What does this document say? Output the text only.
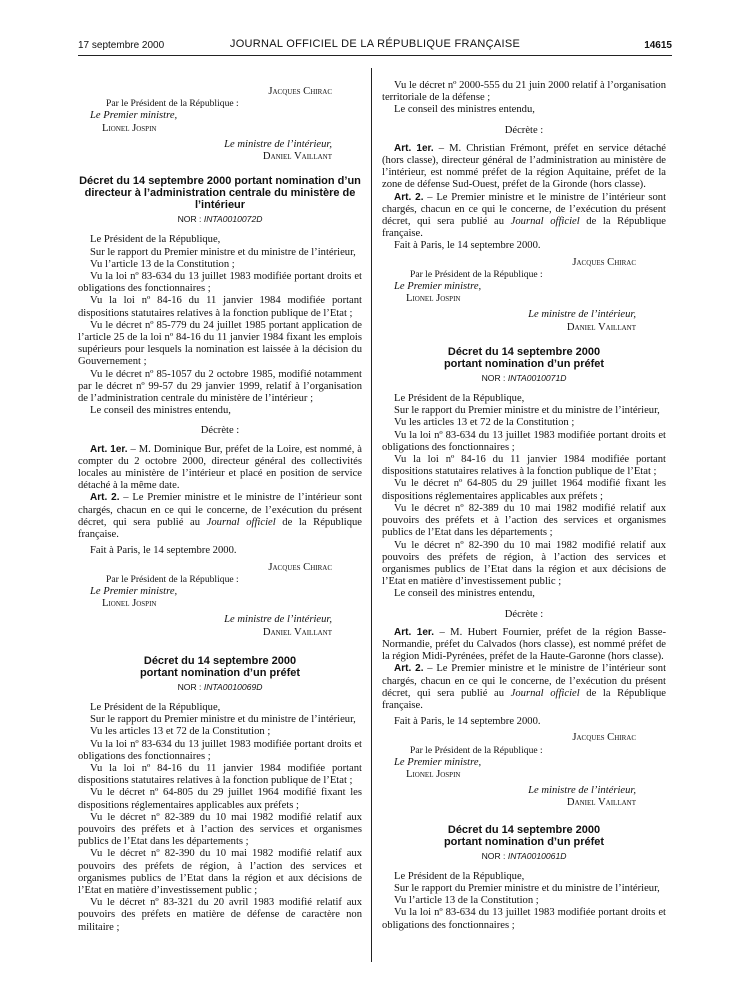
17 septembre 2000	JOURNAL OFFICIEL DE LA RÉPUBLIQUE FRANÇAISE	14615

Jacques Chirac

Par le Président de la République :

Le Premier ministre,

Lionel Jospin

Le ministre de l’intérieur,

Daniel Vaillant

Décret du 14 septembre 2000 portant nomination d’un directeur à l’administration centrale du ministère de l’intérieur
NOR : INTA0010072D

Le Président de la République,

Sur le rapport du Premier ministre et du ministre de l’intérieur,

Vu l’article 13 de la Constitution ;

Vu la loi nº 83-634 du 13 juillet 1983 modifiée portant droits et obligations des fonctionnaires ;

Vu la loi nº 84-16 du 11 janvier 1984 modifiée portant dispositions statutaires relatives à la fonction publique de l’Etat ;

Vu le décret nº 85-779 du 24 juillet 1985 portant application de l’article 25 de la loi nº 84-16 du 11 janvier 1984 fixant les emplois supérieurs pour lesquels la nomination est laissée à la décision du Gouvernement ;

Vu le décret nº 85-1057 du 2 octobre 1985, modifié notamment par le décret nº 99-57 du 29 janvier 1999, relatif à l’organisation de l’administration centrale du ministère de l’intérieur ;

Le conseil des ministres entendu,

Décrète :

Art. 1er. – M. Dominique Bur, préfet de la Loire, est nommé, à compter du 2 octobre 2000, directeur général des collectivités locales au ministère de l’intérieur et placé en position de service détaché à la même date.

Art. 2. – Le Premier ministre et le ministre de l’intérieur sont chargés, chacun en ce qui le concerne, de l’exécution du présent décret, qui sera publié au Journal officiel de la République française.

Fait à Paris, le 14 septembre 2000.

Jacques Chirac

Par le Président de la République :

Le Premier ministre,

Lionel Jospin

Le ministre de l’intérieur,

Daniel Vaillant

Décret du 14 septembre 2000
portant nomination d’un préfet
NOR : INTA0010069D

Le Président de la République,

Sur le rapport du Premier ministre et du ministre de l’intérieur,

Vu les articles 13 et 72 de la Constitution ;

Vu la loi nº 83-634 du 13 juillet 1983 modifiée portant droits et obligations des fonctionnaires ;

Vu la loi nº 84-16 du 11 janvier 1984 modifiée portant dispositions statutaires relatives à la fonction publique de l’Etat ;

Vu le décret nº 64-805 du 29 juillet 1964 modifié fixant les dispositions réglementaires applicables aux préfets ;

Vu le décret nº 82-389 du 10 mai 1982 modifié relatif aux pouvoirs des préfets et à l’action des services et organismes publics de l’Etat dans les départements ;

Vu le décret nº 82-390 du 10 mai 1982 modifié relatif aux pouvoirs des préfets de région, à l’action des services et organismes publics de l’Etat dans la région et aux décisions de l’Etat en matière d’investissement public ;

Vu le décret nº 83-321 du 20 avril 1983 modifié relatif aux pouvoirs des préfets en matière de défense de caractère non militaire ;

Vu le décret nº 2000-555 du 21 juin 2000 relatif à l’organisation territoriale de la défense ;

Le conseil des ministres entendu,

Décrète :

Art. 1er. – M. Christian Frémont, préfet en service détaché (hors classe), directeur général de l’administration au ministère de l’intérieur, est nommé préfet de la région Aquitaine, préfet de la zone de défense Sud-Ouest, préfet de la Gironde (hors classe).

Art. 2. – Le Premier ministre et le ministre de l’intérieur sont chargés, chacun en ce qui le concerne, de l’exécution du présent décret, qui sera publié au Journal officiel de la République française.

Fait à Paris, le 14 septembre 2000.

Jacques Chirac

Par le Président de la République :

Le Premier ministre,

Lionel Jospin

Le ministre de l’intérieur,

Daniel Vaillant

Décret du 14 septembre 2000
portant nomination d’un préfet
NOR : INTA0010071D

Le Président de la République,

Sur le rapport du Premier ministre et du ministre de l’intérieur,

Vu les articles 13 et 72 de la Constitution ;

Vu la loi nº 83-634 du 13 juillet 1983 modifiée portant droits et obligations des fonctionnaires ;

Vu la loi nº 84-16 du 11 janvier 1984 modifiée portant dispositions statutaires relatives à la fonction publique de l’Etat ;

Vu le décret nº 64-805 du 29 juillet 1964 modifié fixant les dispositions réglementaires applicables aux préfets ;

Vu le décret nº 82-389 du 10 mai 1982 modifié relatif aux pouvoirs des préfets et à l’action des services et organismes publics de l’Etat dans les départements ;

Vu le décret nº 82-390 du 10 mai 1982 modifié relatif aux pouvoirs des préfets de région, à l’action des services et organismes publics de l’Etat dans la région et aux décisions de l’Etat en matière d’investissement public ;

Le conseil des ministres entendu,

Décrète :

Art. 1er. – M. Hubert Fournier, préfet de la région Basse-Normandie, préfet du Calvados (hors classe), est nommé préfet de la région Midi-Pyrénées, préfet de la Haute-Garonne (hors classe).

Art. 2. – Le Premier ministre et le ministre de l’intérieur sont chargés, chacun en ce qui le concerne, de l’exécution du présent décret, qui sera publié au Journal officiel de la République française.

Fait à Paris, le 14 septembre 2000.

Jacques Chirac

Par le Président de la République :

Le Premier ministre,

Lionel Jospin

Le ministre de l’intérieur,

Daniel Vaillant

Décret du 14 septembre 2000
portant nomination d’un préfet
NOR : INTA0010061D

Le Président de la République,

Sur le rapport du Premier ministre et du ministre de l’intérieur,

Vu l’article 13 de la Constitution ;

Vu la loi nº 83-634 du 13 juillet 1983 modifiée portant droits et obligations des fonctionnaires ;
